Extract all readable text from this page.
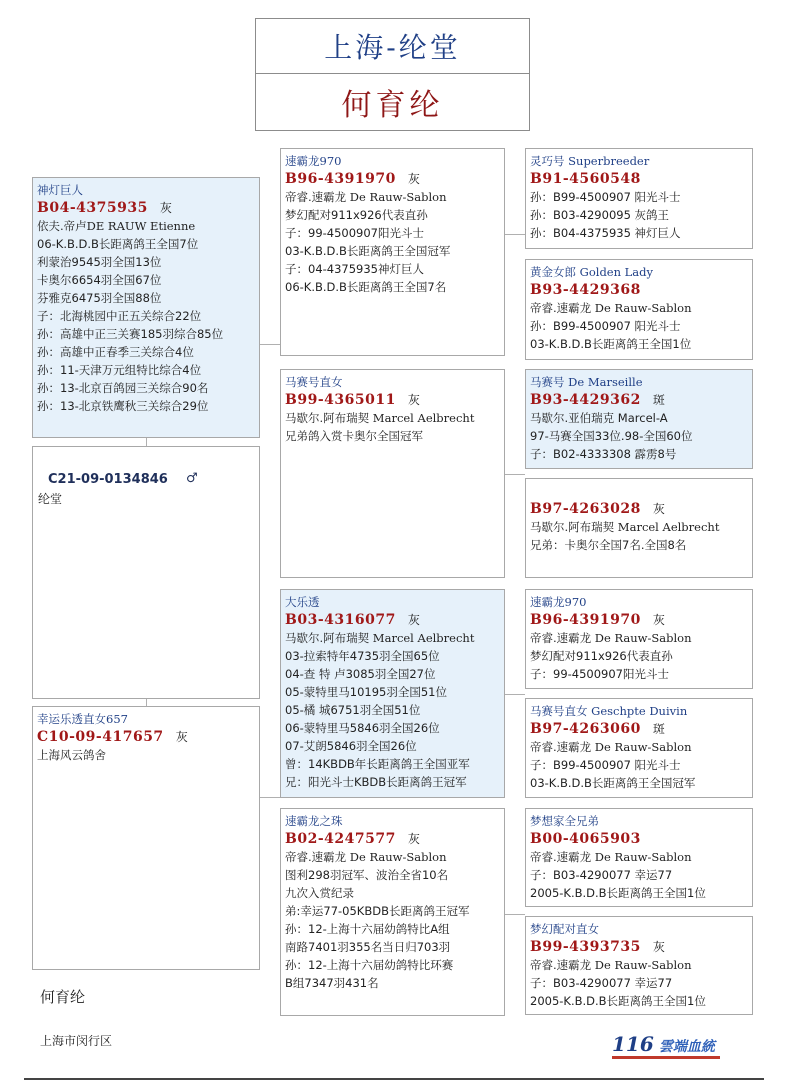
上海-纶堂
何育纶
神灯巨人
B04-4375935 灰
依夫.帝卢DE RAUW Etienne
06-K.B.D.B长距离鸽王全国7位
利蒙治9545羽全国13位
卡奥尔6654羽全国67位
芬雅克6475羽全国88位
子：北海桃园中正五关综合22位
孙：高雄中正三关赛185羽综合85位
孙：高雄中正春季三关综合4位
孙：11-天津万元组特比综合4位
孙：13-北京百鸽园三关综合90名
孙：13-北京铁鹰秋三关综合29位
C21-09-0134846 ♂
纶堂
幸运乐透直女657
C10-09-417657 灰
上海风云鸽舍
速霸龙970
B96-4391970 灰
帝睿.速霸龙 De Rauw-Sablon
梦幻配对911x926代表直孙
子：99-4500907阳光斗士
03-K.B.D.B长距离鸽王全国冠军
子：04-4375935神灯巨人
06-K.B.D.B长距离鸽王全国7名
马赛号直女
B99-4365011 灰
马歇尔.阿布瑞契 Marcel Aelbrecht
兄弟鸽入赏卡奥尔全国冠军
大乐透
B03-4316077 灰
马歇尔.阿布瑞契 Marcel Aelbrecht
03-拉索特年4735羽全国65位
04-查 特 卢3085羽全国27位
05-蒙特里马10195羽全国51位
05-橘 城6751羽全国51位
06-蒙特里马5846羽全国26位
07-艾朗5846羽全国26位
曾：14KBDB年长距离鸽王全国亚军
兄：阳光斗士KBDB长距离鸽王冠军
速霸龙之珠
B02-4247577 灰
帝睿.速霸龙 De Rauw-Sablon
图利298羽冠军、波治全省10名
九次入赏纪录
弟:幸运77-05KBDB长距离鸽王冠军
孙：12-上海十六届幼鸽特比A组
南路7401羽355名当日归703羽
孙：12-上海十六届幼鸽特比环赛
B组7347羽431名
灵巧号 Superbreeder
B91-4560548
孙：B99-4500907 阳光斗士
孙：B03-4290095 灰鸽王
孙：B04-4375935 神灯巨人
黄金女郎 Golden Lady
B93-4429368
帝睿.速霸龙 De Rauw-Sablon
孙：B99-4500907 阳光斗士
03-K.B.D.B长距离鸽王全国1位
马赛号 De Marseille
B93-4429362 斑
马歇尔.亚伯瑞克 Marcel-A
97-马赛全国33位.98-全国60位
子：B02-4333308 霹雳8号
B97-4263028 灰
马歇尔.阿布瑞契 Marcel Aelbrecht
兄弟：卡奥尔全国7名.全国8名
速霸龙970
B96-4391970 灰
帝睿.速霸龙 De Rauw-Sablon
梦幻配对911x926代表直孙
子：99-4500907阳光斗士
马赛号直女 Geschpte Duivin
B97-4263060 斑
帝睿.速霸龙 De Rauw-Sablon
子：B99-4500907 阳光斗士
03-K.B.D.B长距离鸽王全国冠军
梦想家全兄弟
B00-4065903
帝睿.速霸龙 De Rauw-Sablon
子：B03-4290077 幸运77
2005-K.B.D.B长距离鸽王全国1位
梦幻配对直女
B99-4393735 灰
帝睿.速霸龙 De Rauw-Sablon
子：B03-4290077 幸运77
2005-K.B.D.B长距离鸽王全国1位
何育纶
上海市闵行区	116 雲端血統
